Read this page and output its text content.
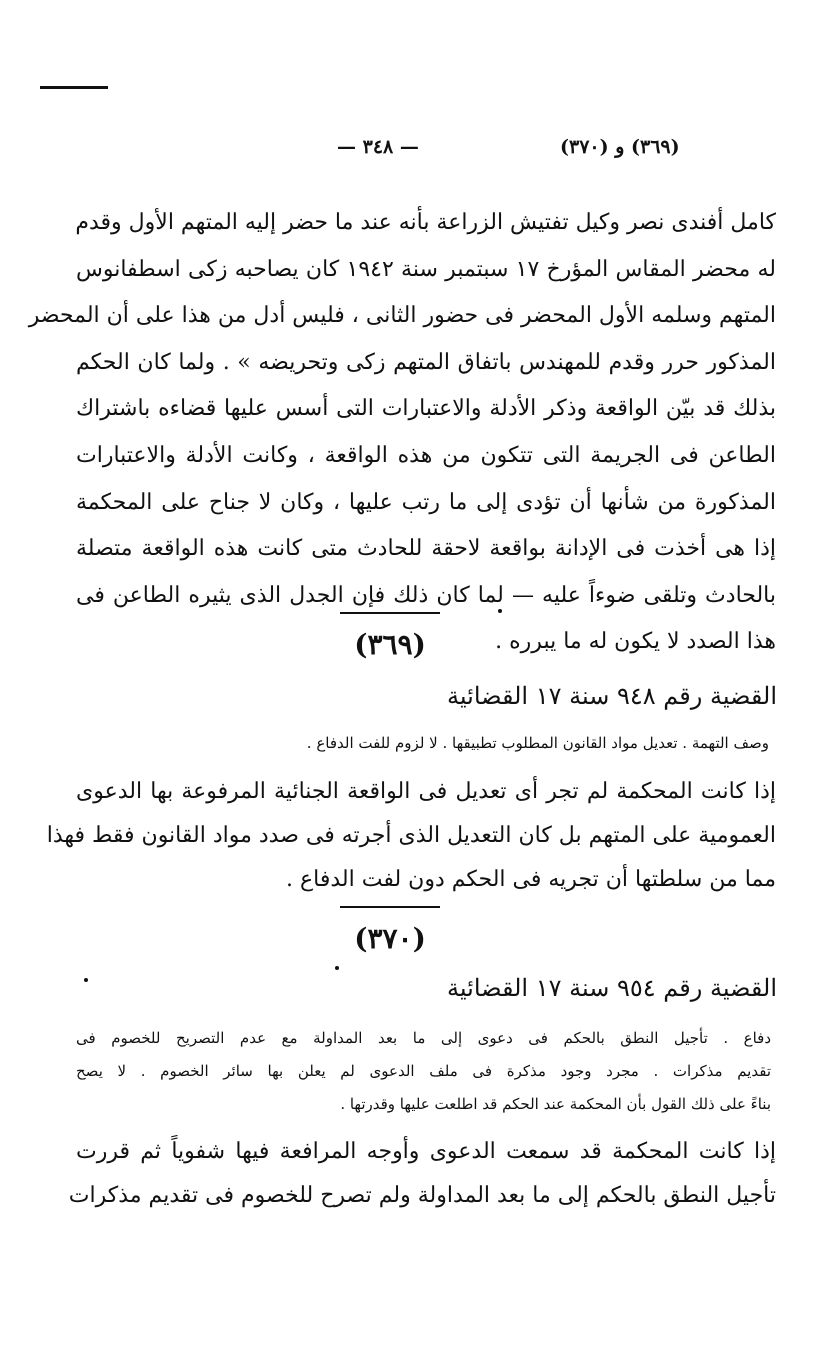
— ٣٤٨ —	(٣٦٩) و (٣٧٠)
كامل أفندى نصر وكيل تفتيش الزراعة بأنه عند ما حضر إليه المتهم الأول وقدم
له محضر المقاس المؤرخ ١٧ سبتمبر سنة ١٩٤٢ كان يصاحبه زكى اسطفانوس
المتهم وسلمه الأول المحضر فى حضور الثانى ، فليس أدل من هذا على أن المحضر
المذكور حرر وقدم للمهندس باتفاق المتهم زكى وتحريضه » . ولما كان الحكم
بذلك قد بيّن الواقعة وذكر الأدلة والاعتبارات التى أسس عليها قضاءه باشتراك
الطاعن فى الجريمة التى تتكون من هذه الواقعة ، وكانت الأدلة والاعتبارات
المذكورة من شأنها أن تؤدى إلى ما رتب عليها ، وكان لا جناح على المحكمة
إذا هى أخذت فى الإدانة بواقعة لاحقة للحادث متى كانت هذه الواقعة متصلة
بالحادث وتلقى ضوءاً عليه — لما كان ذلك فإن الجدل الذى يثيره الطاعن فى
هذا الصدد لا يكون له ما يبرره .
(٣٦٩)
القضية رقم ٩٤٨ سنة ١٧ القضائية
وصف التهمة . تعديل مواد القانون المطلوب تطبيقها . لا لزوم للفت الدفاع .
إذا كانت المحكمة لم تجر أى تعديل فى الواقعة الجنائية المرفوعة بها الدعوى
العمومية على المتهم بل كان التعديل الذى أجرته فى صدد مواد القانون فقط فهذا
مما من سلطتها أن تجريه فى الحكم دون لفت الدفاع .
(٣٧٠)
القضية رقم ٩٥٤ سنة ١٧ القضائية
دفاع . تأجيل النطق بالحكم فى دعوى إلى ما بعد المداولة مع عدم التصريح للخصوم فى
تقديم مذكرات . مجرد وجود مذكرة فى ملف الدعوى لم يعلن بها سائر الخصوم . لا يصح
بناءً على ذلك القول بأن المحكمة عند الحكم قد اطلعت عليها وقدرتها .
إذا كانت المحكمة قد سمعت الدعوى وأوجه المرافعة فيها شفوياً ثم قررت
تأجيل النطق بالحكم إلى ما بعد المداولة ولم تصرح للخصوم فى تقديم مذكرات
